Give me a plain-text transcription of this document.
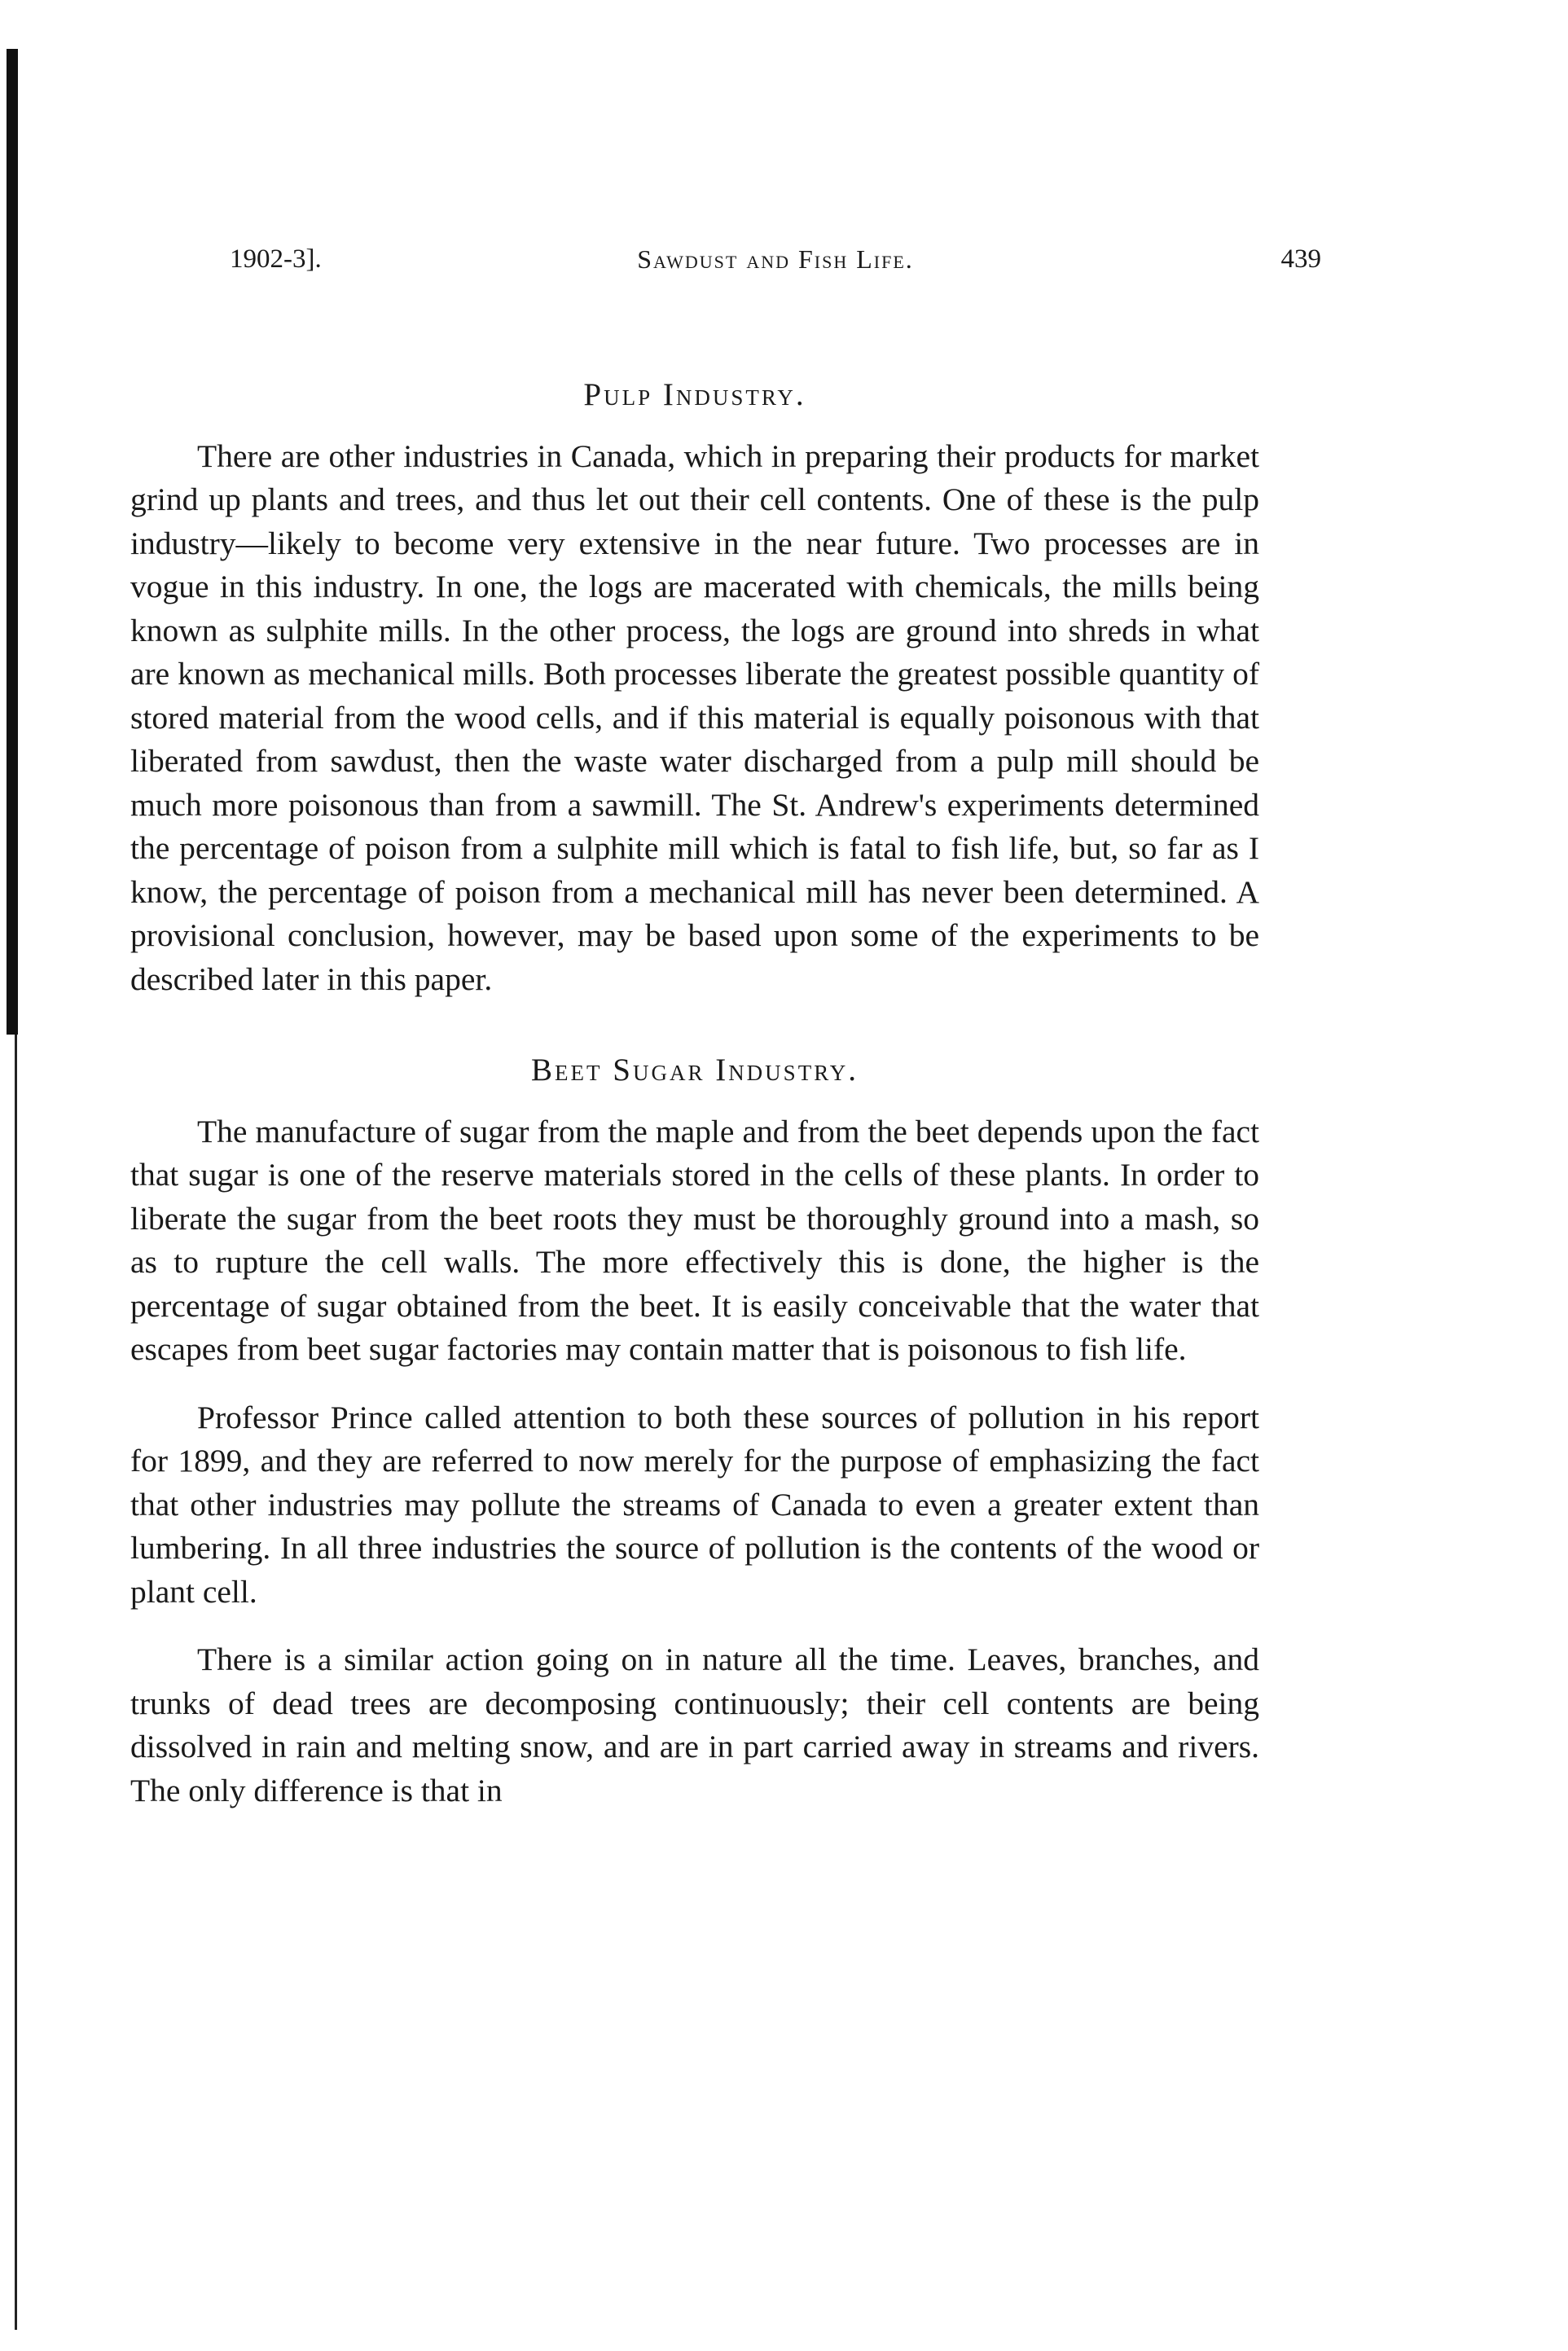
1902-3].	Sawdust and Fish Life.	439
Pulp Industry.

There are other industries in Canada, which in preparing their products for market grind up plants and trees, and thus let out their cell contents. One of these is the pulp industry—likely to become very extensive in the near future. Two processes are in vogue in this industry. In one, the logs are macerated with chemicals, the mills being known as sulphite mills. In the other process, the logs are ground into shreds in what are known as mechanical mills. Both processes liberate the greatest possible quantity of stored material from the wood cells, and if this material is equally poisonous with that liberated from sawdust, then the waste water discharged from a pulp mill should be much more poisonous than from a sawmill. The St. Andrew's experiments determined the percentage of poison from a sulphite mill which is fatal to fish life, but, so far as I know, the percentage of poison from a mechanical mill has never been determined. A provisional conclusion, however, may be based upon some of the experiments to be described later in this paper.

Beet Sugar Industry.

The manufacture of sugar from the maple and from the beet depends upon the fact that sugar is one of the reserve materials stored in the cells of these plants. In order to liberate the sugar from the beet roots they must be thoroughly ground into a mash, so as to rupture the cell walls. The more effectively this is done, the higher is the percentage of sugar obtained from the beet. It is easily conceivable that the water that escapes from beet sugar factories may contain matter that is poisonous to fish life.

Professor Prince called attention to both these sources of pollution in his report for 1899, and they are referred to now merely for the purpose of emphasizing the fact that other industries may pollute the streams of Canada to even a greater extent than lumbering. In all three industries the source of pollution is the contents of the wood or plant cell.

There is a similar action going on in nature all the time. Leaves, branches, and trunks of dead trees are decomposing continuously; their cell contents are being dissolved in rain and melting snow, and are in part carried away in streams and rivers. The only difference is that in
